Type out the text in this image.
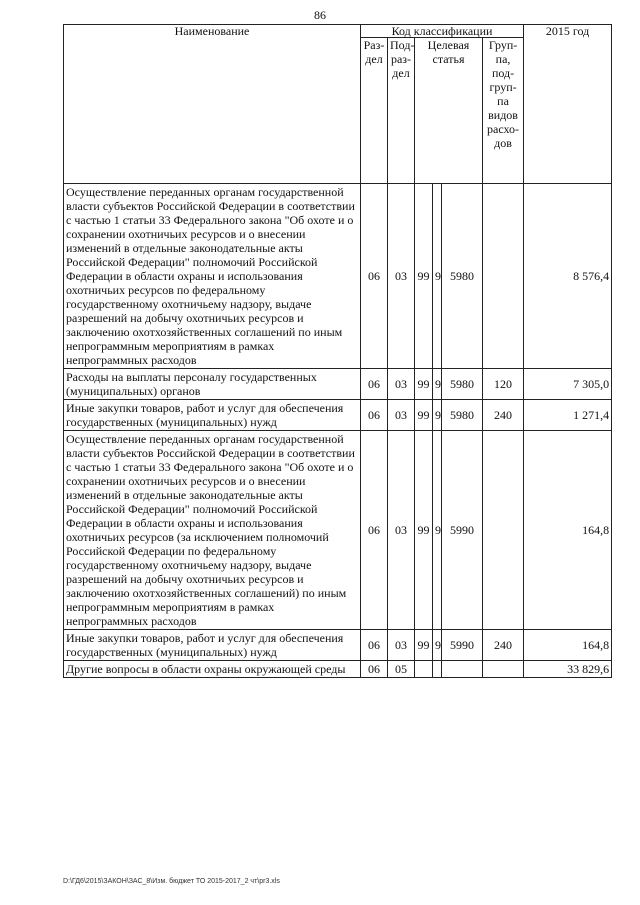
86
Наименование	Код классификации						2015 год
	Раз-дел	Под-раз-дел	Целевая статья			Груп-па, под-груп-па видов расхо-дов	
Осуществление переданных органам государственной власти субъектов Российской Федерации в соответствии с частью 1 статьи 33 Федерального закона "Об охоте и о сохранении охотничьих ресурсов и о внесении изменений в отдельные законодательные акты Российской Федерации" полномочий Российской Федерации в области охраны и использования охотничьих ресурсов по федеральному государственному охотничьему надзору, выдаче разрешений на добычу охотничьих ресурсов и заключению охотхозяйственных соглашений по иным непрограммным мероприятиям в рамках непрограммных расходов	06	03	99	9	5980		8 576,4
Расходы на выплаты персоналу государственных (муниципальных) органов	06	03	99	9	5980	120	7 305,0
Иные закупки товаров, работ и услуг для обеспечения государственных (муниципальных) нужд	06	03	99	9	5980	240	1 271,4
Осуществление переданных органам государственной власти субъектов Российской Федерации в соответствии с частью 1 статьи 33 Федерального закона "Об охоте и о сохранении охотничьих ресурсов и о внесении изменений в отдельные законодательные акты Российской Федерации" полномочий Российской Федерации в области охраны и использования охотничьих ресурсов (за исключением полномочий Российской Федерации по федеральному государственному охотничьему надзору, выдаче разрешений на добычу охотничьих ресурсов и заключению охотхозяйственных соглашений) по иным непрограммным мероприятиям в рамках непрограммных расходов	06	03	99	9	5990		164,8
Иные закупки товаров, работ и услуг для обеспечения государственных (муниципальных) нужд	06	03	99	9	5990	240	164,8
Другие вопросы в области охраны окружающей среды	06	05					33 829,6
D:\ГД6\2015\ЗАКОН\ЗАС_8\Изм. бюджет ТО 2015-2017_2 чт\pr3.xls
